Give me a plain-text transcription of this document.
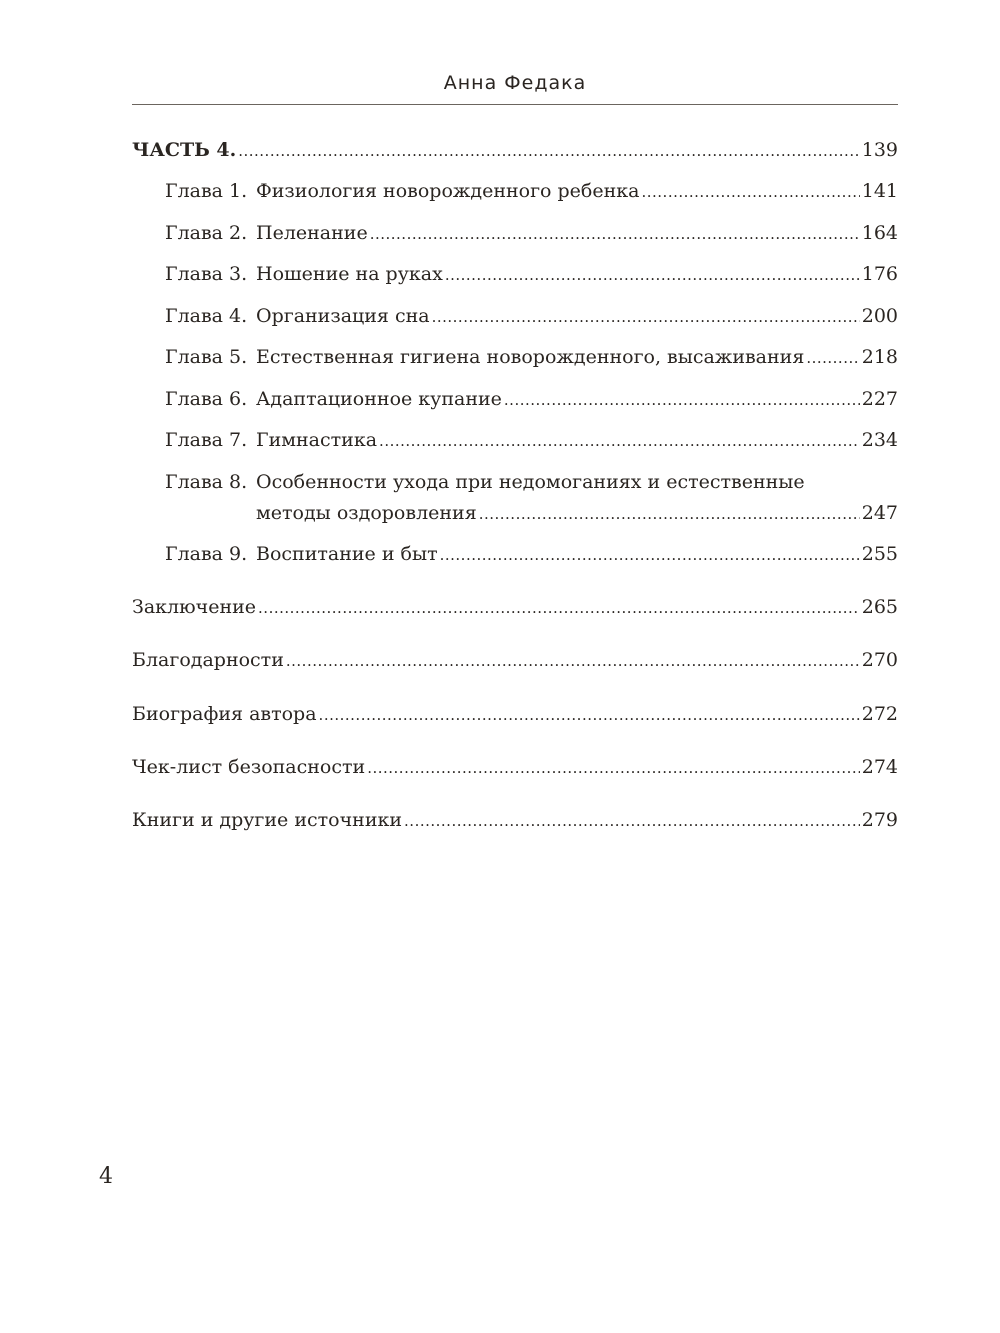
Анна Федака
ЧАСТЬ 4. .....	139
Глава 1. Физиология новорожденного ребенка .....	141
Глава 2. Пеленание .....	164
Глава 3. Ношение на руках .....	176
Глава 4. Организация сна .....	200
Глава 5. Естественная гигиена новорожденного, высаживания .....	218
Глава 6. Адаптационное купание .....	227
Глава 7. Гимнастика .....	234
Глава 8. Особенности ухода при недомоганиях и естественные
методы оздоровления .....	247
Глава 9. Воспитание и быт .....	255
Заключение .....	265
Благодарности .....	270
Биография автора .....	272
Чек-лист безопасности .....	274
Книги и другие источники .....	279
4
